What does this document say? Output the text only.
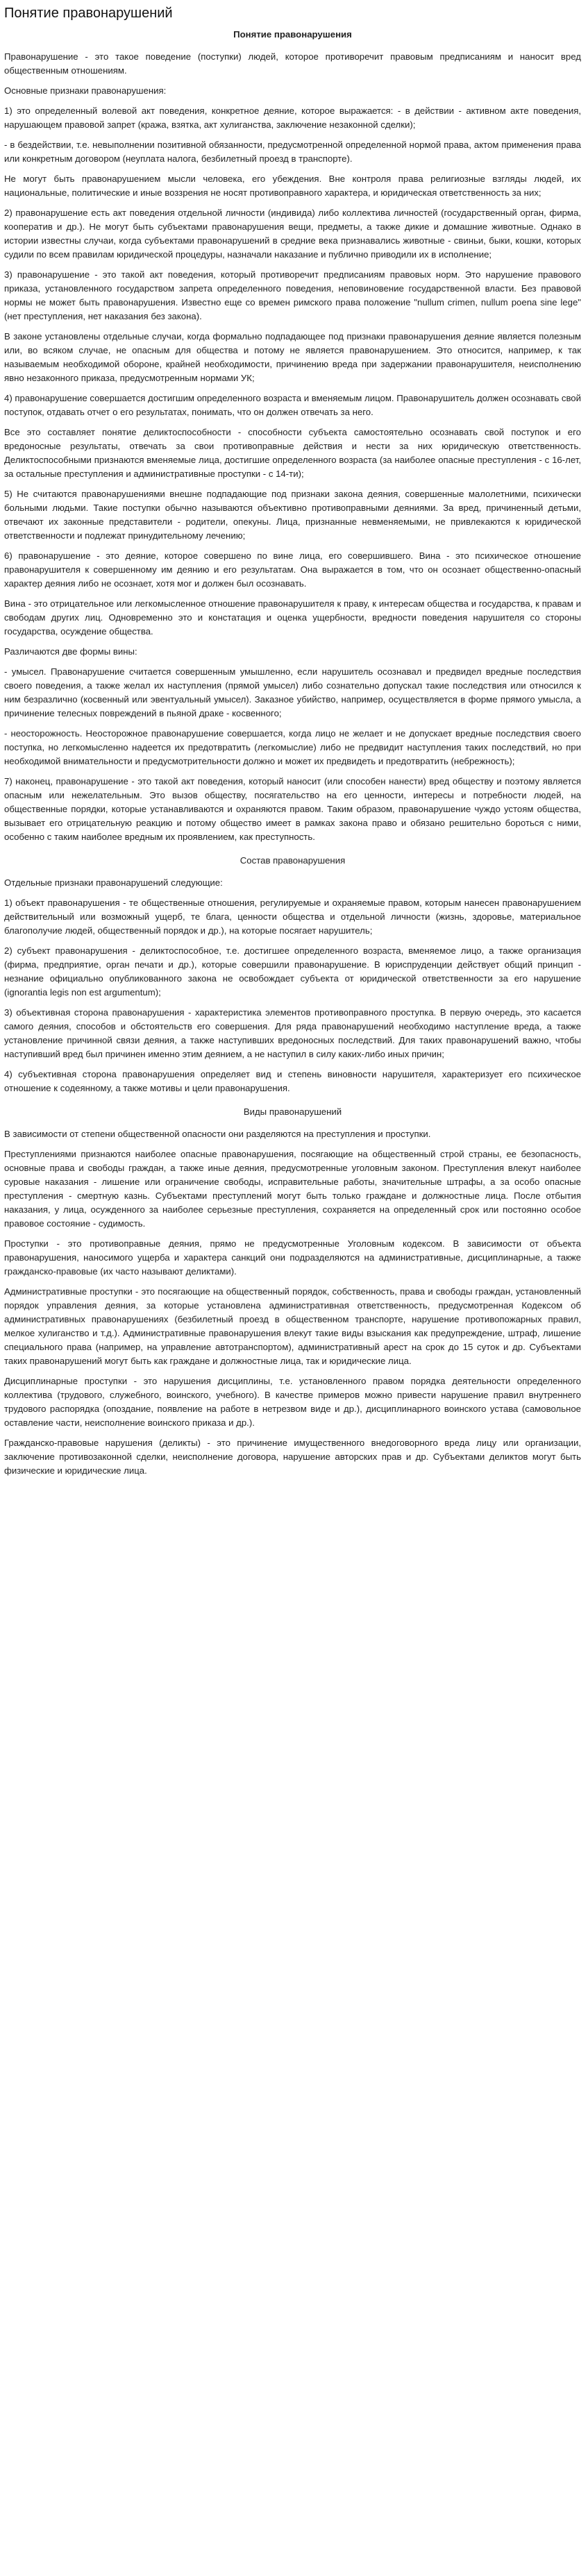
Понятие правонарушений
Понятие правонарушения

Правонарушение - это такое поведение (поступки) людей, которое противоречит правовым предписаниям и наносит вред общественным отношениям.

Основные признаки правонарушения:

1) это определенный волевой акт поведения, конкретное деяние, которое выражается: - в действии - активном акте поведения, нарушающем правовой запрет (кража, взятка, акт хулиганства, заключение незаконной сделки);

- в бездействии, т.е. невыполнении позитивной обязанности, предусмотренной определенной нормой права, актом применения права или конкретным договором (неуплата налога, безбилетный проезд в транспорте).

Не могут быть правонарушением мысли человека, его убеждения. Вне контроля права религиозные взгляды людей, их национальные, политические и иные воззрения не носят противоправного характера, и юридическая ответственность за них;

2) правонарушение есть акт поведения отдельной личности (индивида) либо коллектива личностей (государственный орган, фирма, кооператив и др.). Не могут быть субъектами правонарушения вещи, предметы, а также дикие и домашние животные. Однако в истории известны случаи, когда субъектами правонарушений в средние века признавались животные - свиньи, быки, кошки, которых судили по всем правилам юридической процедуры, назначали наказание и публично приводили их в исполнение;

3) правонарушение - это такой акт поведения, который противоречит предписаниям правовых норм. Это нарушение правового приказа, установленного государством запрета определенного поведения, неповиновение государственной власти. Без правовой нормы не может быть правонарушения. Известно еще со времен римского права положение "nullum crimen, nullum poena sine lege" (нет преступления, нет наказания без закона).

В законе установлены отдельные случаи, когда формально подпадающее под признаки правонарушения деяние является полезным или, во всяком случае, не опасным для общества и потому не является правонарушением. Это относится, например, к так называемым необходимой обороне, крайней необходимости, причинению вреда при задержании правонарушителя, неисполнению явно незаконного приказа, предусмотренным нормами УК;

4) правонарушение совершается достигшим определенного возраста и вменяемым лицом. Правонарушитель должен осознавать свой поступок, отдавать отчет о его результатах, понимать, что он должен отвечать за него.

Все это составляет понятие деликтоспособности - способности субъекта самостоятельно осознавать свой поступок и его вредоносные результаты, отвечать за свои противоправные действия и нести за них юридическую ответственность. Деликтоспособными признаются вменяемые лица, достигшие определенного возраста (за наиболее опасные преступления - с 16-лет, за остальные преступления и административные проступки - с 14-ти);

5) Не считаются правонарушениями внешне подпадающие под признаки закона деяния, совершенные малолетними, психически больными людьми. Такие поступки обычно называются объективно противоправными деяниями. За вред, причиненный детьми, отвечают их законные представители - родители, опекуны. Лица, признанные невменяемыми, не привлекаются к юридической ответственности и подлежат принудительному лечению;

6) правонарушение - это деяние, которое совершено по вине лица, его совершившего. Вина - это психическое отношение правонарушителя к совершенному им деянию и его результатам. Она выражается в том, что он осознает общественно-опасный характер деяния либо не осознает, хотя мог и должен был осознавать.

Вина - это отрицательное или легкомысленное отношение правонарушителя к праву, к интересам общества и государства, к правам и свободам других лиц. Одновременно это и констатация и оценка ущербности, вредности поведения нарушителя со стороны государства, осуждение общества.

Различаются две формы вины:

- умысел. Правонарушение считается совершенным умышленно, если нарушитель осознавал и предвидел вредные последствия своего поведения, а также желал их наступления (прямой умысел) либо сознательно допускал такие последствия или относился к ним безразлично (косвенный или эвентуальный умысел). Заказное убийство, например, осуществляется в форме прямого умысла, а причинение телесных повреждений в пьяной драке - косвенного;

- неосторожность. Неосторожное правонарушение совершается, когда лицо не желает и не допускает вредные последствия своего поступка, но легкомысленно надеется их предотвратить (легкомыслие) либо не предвидит наступления таких последствий, но при необходимой внимательности и предусмотрительности должно и может их предвидеть и предотвратить (небрежность);

7) наконец, правонарушение - это такой акт поведения, который наносит (или способен нанести) вред обществу и поэтому является опасным или нежелательным. Это вызов обществу, посягательство на его ценности, интересы и потребности людей, на общественные порядки, которые устанавливаются и охраняются правом. Таким образом, правонарушение чуждо устоям общества, вызывает его отрицательную реакцию и потому общество имеет в рамках закона право и обязано решительно бороться с ними, особенно с таким наиболее вредным их проявлением, как преступность.

Состав правонарушения

Отдельные признаки правонарушений следующие:

1) объект правонарушения - те общественные отношения, регулируемые и охраняемые правом, которым нанесен правонарушением действительный или возможный ущерб, те блага, ценности общества и отдельной личности (жизнь, здоровье, материальное благополучие людей, общественный порядок и др.), на которые посягает нарушитель;

2) субъект правонарушения - деликтоспособное, т.е. достигшее определенного возраста, вменяемое лицо, а также организация (фирма, предприятие, орган печати и др.), которые совершили правонарушение. В юриспруденции действует общий принцип - незнание официально опубликованного закона не освобождает субъекта от юридической ответственности за его нарушение (ignorantia legis non est argumentum);

3) объективная сторона правонарушения - характеристика элементов противоправного проступка. В первую очередь, это касается самого деяния, способов и обстоятельств его совершения. Для ряда правонарушений необходимо наступление вреда, а также установление причинной связи деяния, а также наступивших вредоносных последствий. Для таких правонарушений важно, чтобы наступивший вред был причинен именно этим деянием, а не наступил в силу каких-либо иных причин;

4) субъективная сторона правонарушения определяет вид и степень виновности нарушителя, характеризует его психическое отношение к содеянному, а также мотивы и цели правонарушения.

Виды правонарушений

В зависимости от степени общественной опасности они разделяются на преступления и проступки.

Преступлениями признаются наиболее опасные правонарушения, посягающие на общественный строй страны, ее безопасность, основные права и свободы граждан, а также иные деяния, предусмотренные уголовным законом. Преступления влекут наиболее суровые наказания - лишение или ограничение свободы, исправительные работы, значительные штрафы, а за особо опасные преступления - смертную казнь. Субъектами преступлений могут быть только граждане и должностные лица. После отбытия наказания, у лица, осужденного за наиболее серьезные преступления, сохраняется на определенный срок или постоянно особое правовое состояние - судимость.

Проступки - это противоправные деяния, прямо не предусмотренные Уголовным кодексом. В зависимости от объекта правонарушения, наносимого ущерба и характера санкций они подразделяются на административные, дисциплинарные, а также гражданско-правовые (их часто называют деликтами).

Административные проступки - это посягающие на общественный порядок, собственность, права и свободы граждан, установленный порядок управления деяния, за которые установлена административная ответственность, предусмотренная Кодексом об административных правонарушениях (безбилетный проезд в общественном транспорте, нарушение противопожарных правил, мелкое хулиганство и т.д.). Административные правонарушения влекут такие виды взыскания как предупреждение, штраф, лишение специального права (например, на управление автотранспортом), административный арест на срок до 15 суток и др. Субъектами таких правонарушений могут быть как граждане и должностные лица, так и юридические лица.

Дисциплинарные проступки - это нарушения дисциплины, т.е. установленного правом порядка деятельности определенного коллектива (трудового, служебного, воинского, учебного). В качестве примеров можно привести нарушение правил внутреннего трудового распорядка (опоздание, появление на работе в нетрезвом виде и др.), дисциплинарного воинского устава (самовольное оставление части, неисполнение воинского приказа и др.).

Гражданско-правовые нарушения (деликты) - это причинение имущественного внедоговорного вреда лицу или организации, заключение противозаконной сделки, неисполнение договора, нарушение авторских прав и др. Субъектами деликтов могут быть физические и юридические лица.
